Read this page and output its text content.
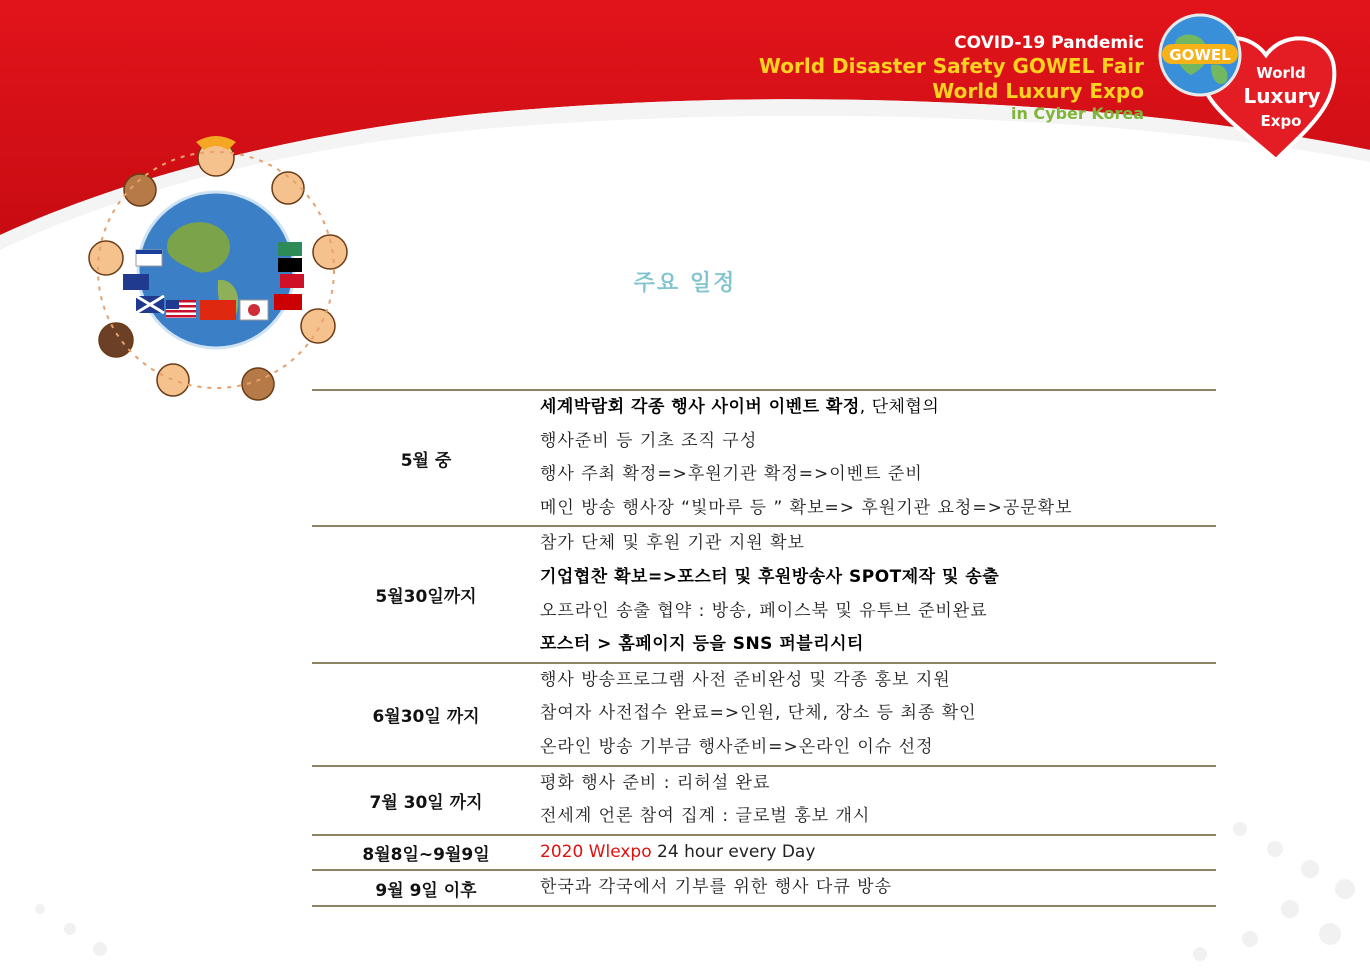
COVID-19 Pandemic
World Disaster Safety GOWEL Fair
World Luxury Expo
in Cyber Korea
World
Luxury
Expo
GOWEL
주요 일정
5월 중
세계박람회 각종 행사 사이버 이벤트 확정, 단체협의
행사준비 등 기초 조직 구성
행사 주최 확정=>후원기관 확정=>이벤트 준비
메인 방송 행사장 “빛마루 등 ” 확보=> 후원기관 요청=>공문확보
5월30일까지
참가 단체 및 후원 기관 지원 확보
기업협찬 확보=>포스터 및 후원방송사 SPOT제작 및 송출
오프라인 송출 협약 : 방송, 페이스북 및 유투브 준비완료
포스터 > 홈페이지 등을 SNS 퍼블리시티
6월30일 까지
행사 방송프로그램 사전 준비완성 및 각종 홍보 지원
참여자 사전접수 완료=>인원, 단체, 장소 등 최종 확인
온라인 방송 기부금 행사준비=>온라인 이슈 선정
7월 30일 까지
평화 행사 준비 : 리허설 완료
전세계 언론 참여 집계 : 글로벌 홍보 개시
8월8일~9월9일	2020 Wlexpo 24 hour every Day
9월 9일 이후	한국과 각국에서 기부를 위한 행사 다큐 방송
